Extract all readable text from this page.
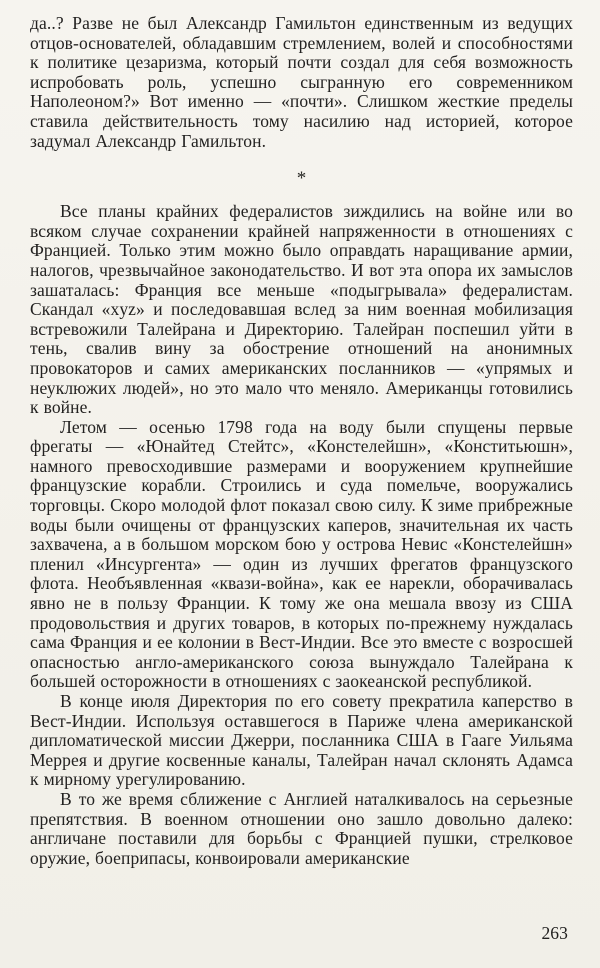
да..? Разве не был Александр Гамильтон единственным из ведущих отцов-основателей, обладавшим стремлением, волей и способностями к политике цезаризма, который почти создал для себя возможность испробовать роль, успешно сыгранную его современником Наполеоном?» Вот именно — «почти». Слишком жесткие пределы ставила действительность тому насилию над историей, которое задумал Александр Гамильтон.

*

Все планы крайних федералистов зиждились на войне или во всяком случае сохранении крайней напряженности в отношениях с Францией. Только этим можно было оправдать наращивание армии, налогов, чрезвычайное законодательство. И вот эта опора их замыслов зашаталась: Франция все меньше «подыгрывала» федералистам. Скандал «xyz» и последовавшая вслед за ним военная мобилизация встревожили Талейрана и Директорию. Талейран поспешил уйти в тень, свалив вину за обострение отношений на анонимных провокаторов и самих американских посланников — «упрямых и неуклюжих людей», но это мало что меняло. Американцы готовились к войне.

Летом — осенью 1798 года на воду были спущены первые фрегаты — «Юнайтед Стейтс», «Констелейшн», «Конститьюшн», намного превосходившие размерами и вооружением крупнейшие французские корабли. Строились и суда помельче, вооружались торговцы. Скоро молодой флот показал свою силу. К зиме прибрежные воды были очищены от французских каперов, значительная их часть захвачена, а в большом морском бою у острова Невис «Констелейшн» пленил «Инсургента» — один из лучших фрегатов французского флота. Необъявленная «квази-война», как ее нарекли, оборачивалась явно не в пользу Франции. К тому же она мешала ввозу из США продовольствия и других товаров, в которых по-прежнему нуждалась сама Франция и ее колонии в Вест-Индии. Все это вместе с возросшей опасностью англо-американского союза вынуждало Талейрана к большей осторожности в отношениях с заокеанской республикой.

В конце июля Директория по его совету прекратила каперство в Вест-Индии. Используя оставшегося в Париже члена американской дипломатической миссии Джерри, посланника США в Гааге Уильяма Меррея и другие косвенные каналы, Талейран начал склонять Адамса к мирному урегулированию.

В то же время сближение с Англией наталкивалось на серьезные препятствия. В военном отношении оно зашло довольно далеко: англичане поставили для борьбы с Францией пушки, стрелковое оружие, боеприпасы, конвоировали американские

263
